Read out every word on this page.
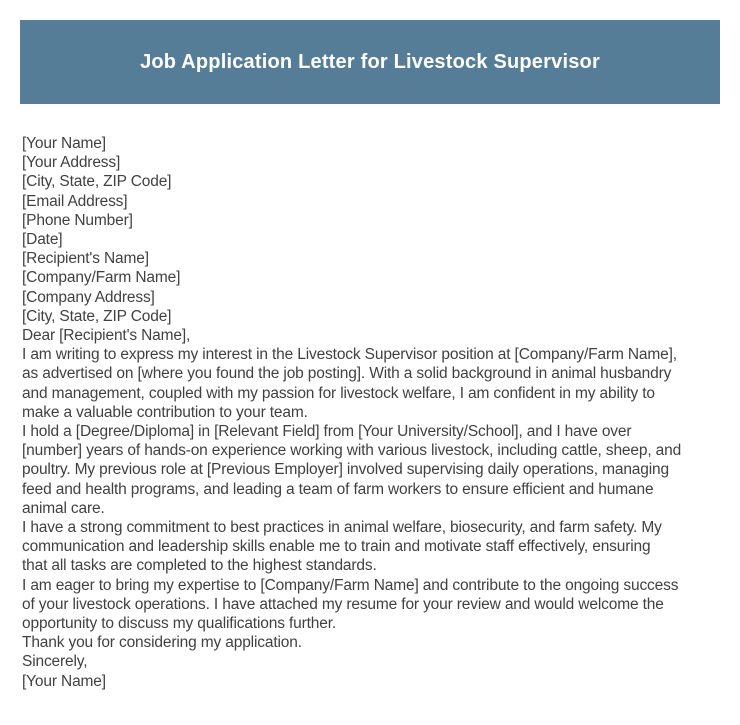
Job Application Letter for Livestock Supervisor
[Your Name]
[Your Address]
[City, State, ZIP Code]
[Email Address]
[Phone Number]
[Date]
[Recipient's Name]
[Company/Farm Name]
[Company Address]
[City, State, ZIP Code]
Dear [Recipient's Name],
I am writing to express my interest in the Livestock Supervisor position at [Company/Farm Name],
as advertised on [where you found the job posting]. With a solid background in animal husbandry
and management, coupled with my passion for livestock welfare, I am confident in my ability to
make a valuable contribution to your team.
I hold a [Degree/Diploma] in [Relevant Field] from [Your University/School], and I have over
[number] years of hands-on experience working with various livestock, including cattle, sheep, and
poultry. My previous role at [Previous Employer] involved supervising daily operations, managing
feed and health programs, and leading a team of farm workers to ensure efficient and humane
animal care.
I have a strong commitment to best practices in animal welfare, biosecurity, and farm safety. My
communication and leadership skills enable me to train and motivate staff effectively, ensuring
that all tasks are completed to the highest standards.
I am eager to bring my expertise to [Company/Farm Name] and contribute to the ongoing success
of your livestock operations. I have attached my resume for your review and would welcome the
opportunity to discuss my qualifications further.
Thank you for considering my application.
Sincerely,
[Your Name]
